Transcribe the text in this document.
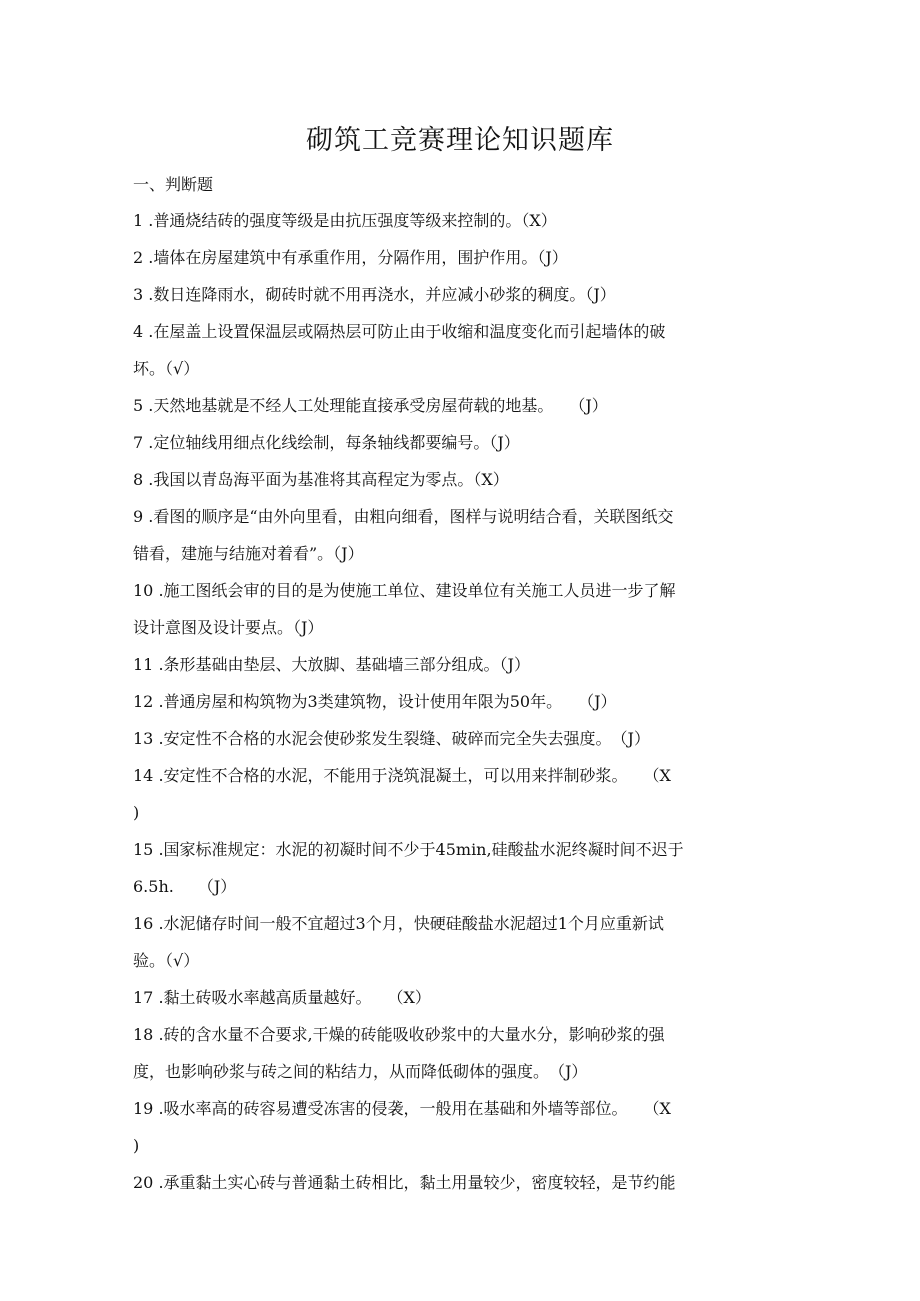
砌筑工竞赛理论知识题库
一、判断题
1 .普通烧结砖的强度等级是由抗压强度等级来控制的。（X）
2 .墙体在房屋建筑中有承重作用，分隔作用，围护作用。（J）
3 .数日连降雨水，砌砖时就不用再浇水，并应减小砂浆的稠度。（J）
4 .在屋盖上设置保温层或隔热层可防止由于收缩和温度变化而引起墙体的破
坏。（√）
5 .天然地基就是不经人工处理能直接承受房屋荷载的地基。　　（J）
7 .定位轴线用细点化线绘制，每条轴线都要编号。（J）
8 .我国以青岛海平面为基准将其高程定为零点。（X）
9 .看图的顺序是“由外向里看，由粗向细看，图样与说明结合看，关联图纸交
错看，建施与结施对着看”。（J）
10 .施工图纸会审的目的是为使施工单位、建设单位有关施工人员进一步了解
设计意图及设计要点。（J）
11 .条形基础由垫层、大放脚、基础墙三部分组成。（J）
12 .普通房屋和构筑物为3类建筑物，设计使用年限为50年。　　（J）
13 .安定性不合格的水泥会使砂浆发生裂缝、破碎而完全失去强度。　（J）
14 .安定性不合格的水泥，不能用于浇筑混凝土，可以用来拌制砂浆。　　（X
)
15 .国家标准规定：水泥的初凝时间不少于45min,硅酸盐水泥终凝时间不迟于
6.5h.　　（J）
16 .水泥储存时间一般不宜超过3个月，快硬硅酸盐水泥超过1个月应重新试
验。（√）
17 .黏土砖吸水率越高质量越好。　　（X）
18 .砖的含水量不合要求,干燥的砖能吸收砂浆中的大量水分，影响砂浆的强
度，也影响砂浆与砖之间的粘结力，从而降低砌体的强度。　（J）
19 .吸水率高的砖容易遭受冻害的侵袭，一般用在基础和外墙等部位。　　（X
)
20 .承重黏土实心砖与普通黏土砖相比，黏土用量较少，密度较轻，是节约能
